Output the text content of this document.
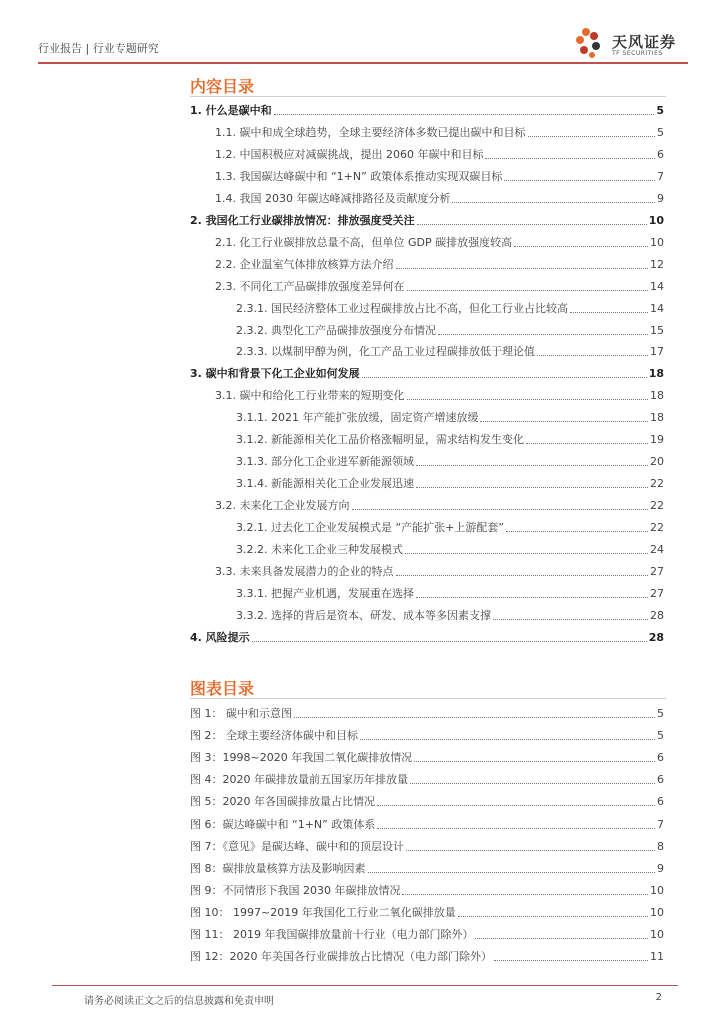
行业报告 | 行业专题研究	天风证券
TF SECURITIES
内容目录
1. 什么是碳中和	5
1.1. 碳中和成全球趋势，全球主要经济体多数已提出碳中和目标	5
1.2. 中国积极应对减碳挑战，提出 2060 年碳中和目标	6
1.3. 我国碳达峰碳中和 “1+N” 政策体系推动实现双碳目标	7
1.4. 我国 2030 年碳达峰减排路径及贡献度分析	9
2. 我国化工行业碳排放情况：排放强度受关注	10
2.1. 化工行业碳排放总量不高，但单位 GDP 碳排放强度较高	10
2.2. 企业温室气体排放核算方法介绍	12
2.3. 不同化工产品碳排放强度差异何在	14
2.3.1. 国民经济整体工业过程碳排放占比不高，但化工行业占比较高	14
2.3.2. 典型化工产品碳排放强度分布情况	15
2.3.3. 以煤制甲醇为例，化工产品工业过程碳排放低于理论值	17
3. 碳中和背景下化工企业如何发展	18
3.1. 碳中和给化工行业带来的短期变化	18
3.1.1. 2021 年产能扩张放缓，固定资产增速放缓	18
3.1.2. 新能源相关化工品价格涨幅明显，需求结构发生变化	19
3.1.3. 部分化工企业进军新能源领域	20
3.1.4. 新能源相关化工企业发展迅速	22
3.2. 未来化工企业发展方向	22
3.2.1. 过去化工企业发展模式是 “产能扩张+上游配套”	22
3.2.2. 未来化工企业三种发展模式	24
3.3. 未来具备发展潜力的企业的特点	27
3.3.1. 把握产业机遇，发展重在选择	27
3.3.2. 选择的背后是资本、研发、成本等多因素支撑	28
4. 风险提示	28
图表目录
图 1： 碳中和示意图	5
图 2： 全球主要经济体碳中和目标	5
图 3：1998~2020 年我国二氧化碳排放情况	6
图 4：2020 年碳排放量前五国家历年排放量	6
图 5：2020 年各国碳排放量占比情况	6
图 6：碳达峰碳中和 “1+N” 政策体系	7
图 7：《意见》是碳达峰、碳中和的顶层设计	8
图 8：碳排放量核算方法及影响因素	9
图 9：不同情形下我国 2030 年碳排放情况	10
图 10： 1997~2019 年我国化工行业二氧化碳排放量	10
图 11： 2019 年我国碳排放量前十行业（电力部门除外）	10
图 12：2020 年美国各行业碳排放占比情况（电力部门除外）	11
请务必阅读正文之后的信息披露和免责申明	2
